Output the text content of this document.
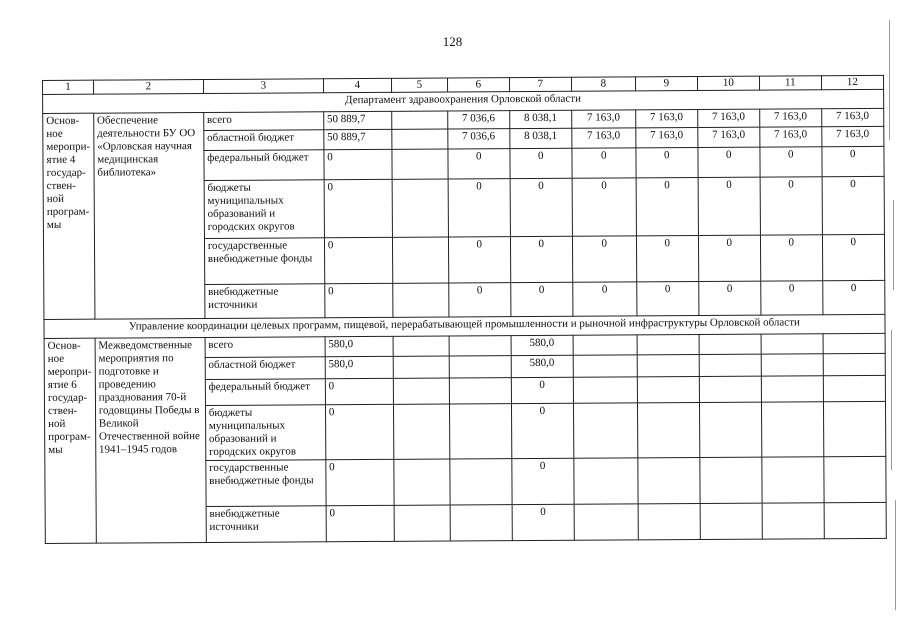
128
1	2	3	4	5	6	7	8	9	10	11	12
Департамент здравоохранения Орловской области											
Основ-ное меропри-ятие 4 государ-ствен-ной програм-мы	Обеспечение деятельности БУ ОО «Орловская научная медицинская библиотека»	всего	50 889,7		7 036,6	8 038,1	7 163,0	7 163,0	7 163,0	7 163,0	7 163,0
		областной бюджет	50 889,7		7 036,6	8 038,1	7 163,0	7 163,0	7 163,0	7 163,0	7 163,0
		федеральный бюджет	0		0	0	0	0	0	0	0
		бюджеты муниципальных образований и городских округов	0		0	0	0	0	0	0	0
		государственные внебюджетные фонды	0		0	0	0	0	0	0	0
		внебюджетные источники	0		0	0	0	0	0	0	0
Управление координации целевых программ, пищевой, перерабатывающей промышленности и рыночной инфраструктуры Орловской области											
Основ-ное меропри-ятие 6 государ-ствен-ной програм-мы	Межведомственные мероприятия по подготовке и проведению празднования 70-й годовщины Победы в Великой Отечественной войне 1941–1945 годов	всего	580,0			580,0					
		областной бюджет	580,0			580,0					
		федеральный бюджет	0			0					
		бюджеты муниципальных образований и городских округов	0			0					
		государственные внебюджетные фонды	0			0					
		внебюджетные источники	0			0					
